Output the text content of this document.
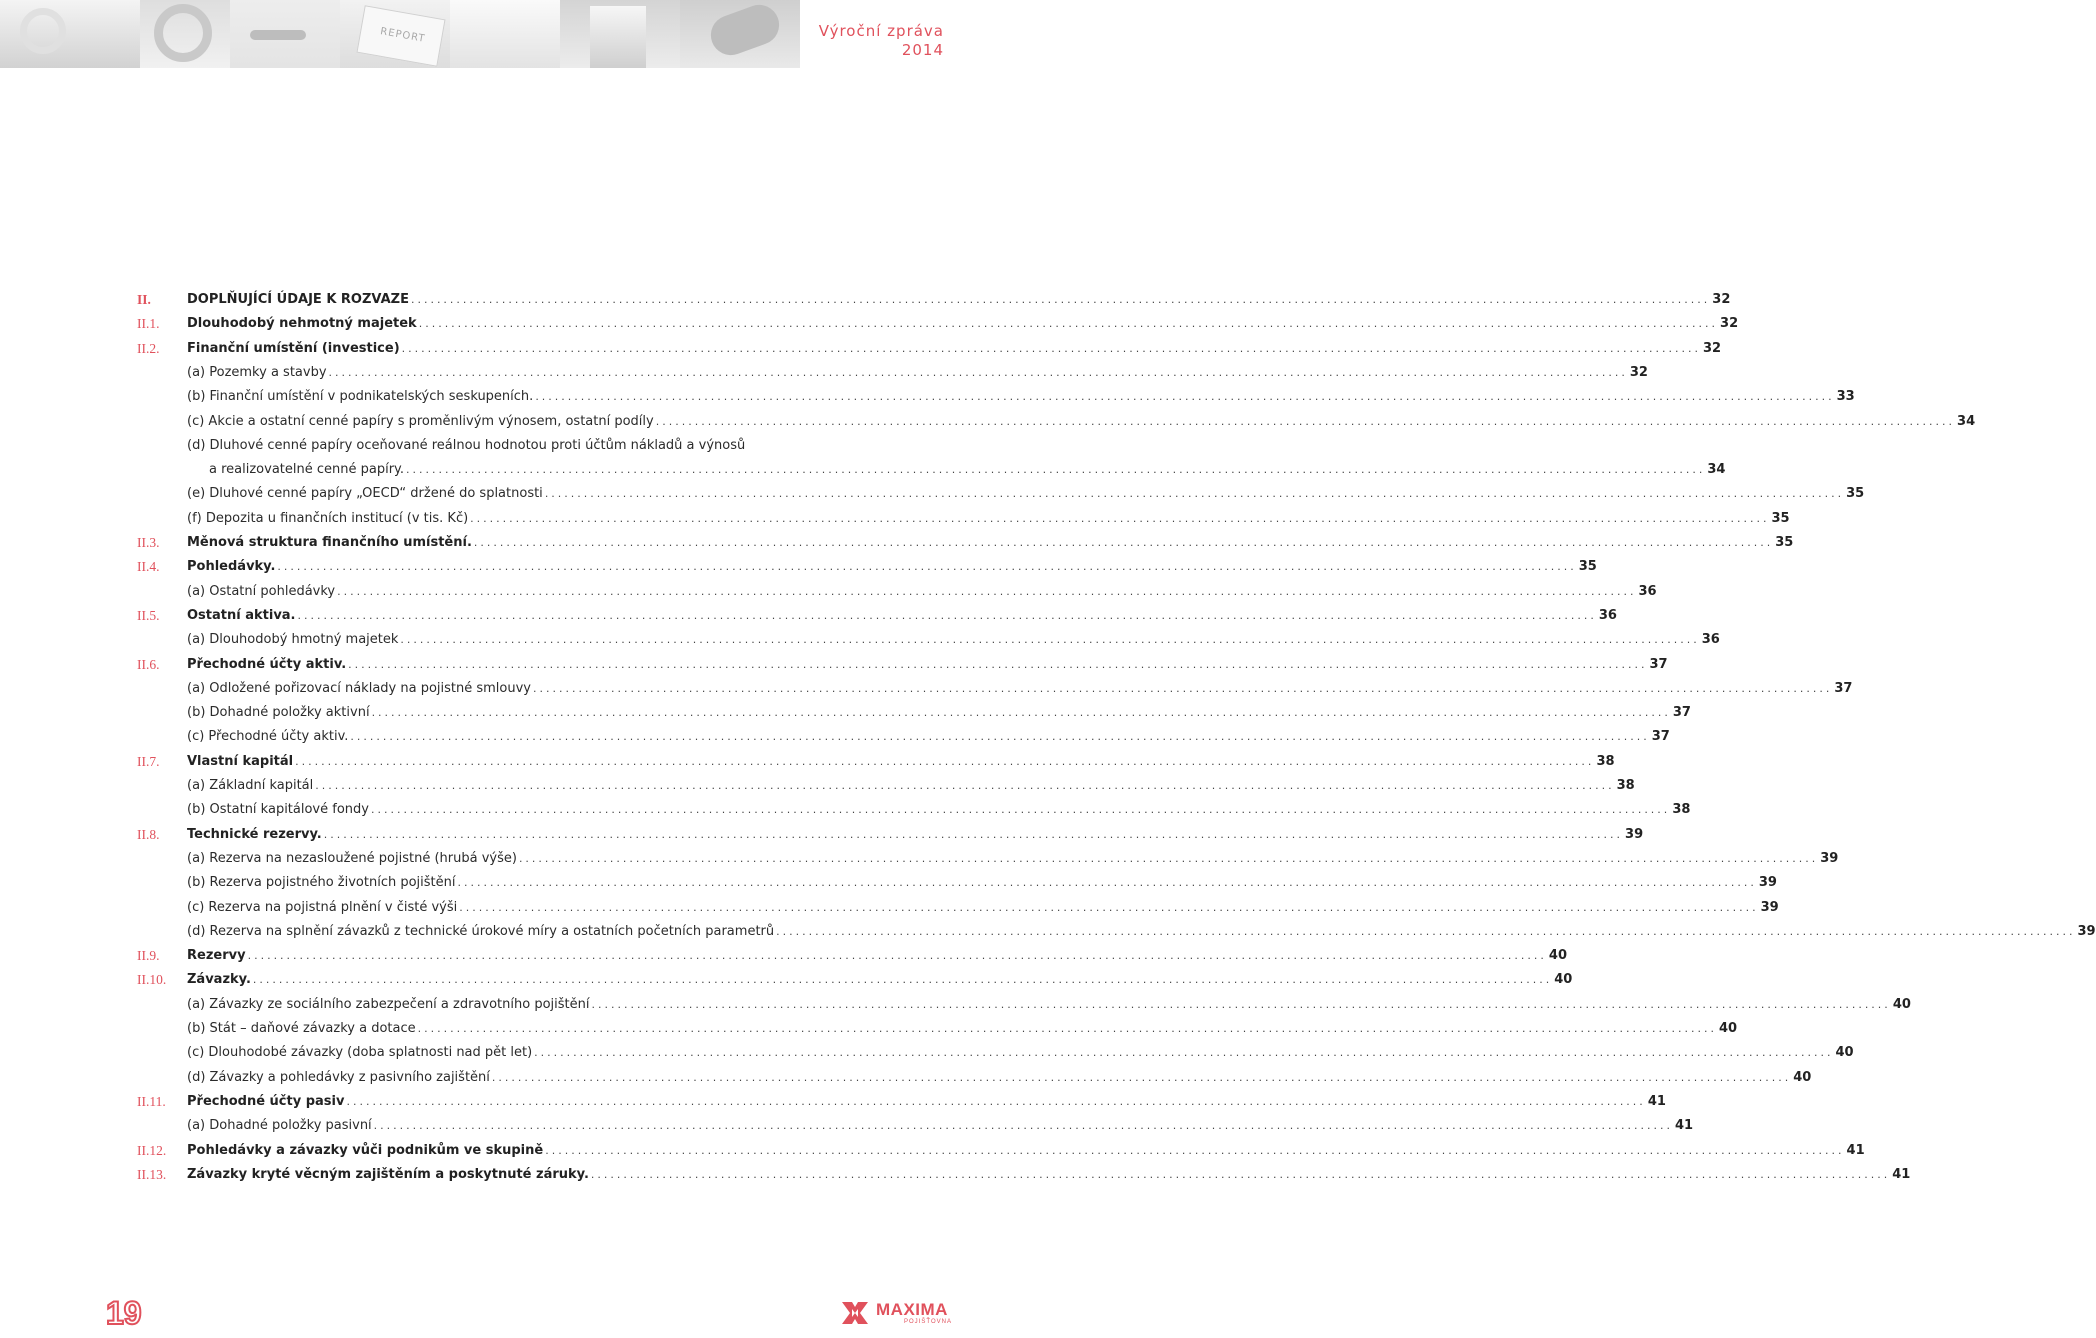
REPORT	Výroční zpráva
2014
II.	DOPLŇUJÍCÍ ÚDAJE K ROZVAZE ........................................................................................................................................................................................................ 32
II.1.	Dlouhodobý nehmotný majetek ........................................................................................................................................................................................................ 32
II.2.	Finanční umístění (investice) ........................................................................................................................................................................................................ 32
(a) Pozemky a stavby ........................................................................................................................................................................................................ 32
(b) Finanční umístění v podnikatelských seskupeních. ........................................................................................................................................................................................................ 33
(c) Akcie a ostatní cenné papíry s proměnlivým výnosem, ostatní podíly ........................................................................................................................................................................................................ 34
(d) Dluhové cenné papíry oceňované reálnou hodnotou proti účtům nákladů a výnosů
a realizovatelné cenné papíry. ........................................................................................................................................................................................................ 34
(e) Dluhové cenné papíry „OECD“ držené do splatnosti ........................................................................................................................................................................................................ 35
(f) Depozita u finančních institucí (v tis. Kč) ........................................................................................................................................................................................................ 35
II.3.	Měnová struktura finančního umístění. ........................................................................................................................................................................................................ 35
II.4.	Pohledávky. ........................................................................................................................................................................................................ 35
(a) Ostatní pohledávky ........................................................................................................................................................................................................ 36
II.5.	Ostatní aktiva. ........................................................................................................................................................................................................ 36
(a) Dlouhodobý hmotný majetek ........................................................................................................................................................................................................ 36
II.6.	Přechodné účty aktiv. ........................................................................................................................................................................................................ 37
(a) Odložené pořizovací náklady na pojistné smlouvy ........................................................................................................................................................................................................ 37
(b) Dohadné položky aktivní ........................................................................................................................................................................................................ 37
(c) Přechodné účty aktiv. ........................................................................................................................................................................................................ 37
II.7.	Vlastní kapitál ........................................................................................................................................................................................................ 38
(a) Základní kapitál ........................................................................................................................................................................................................ 38
(b) Ostatní kapitálové fondy ........................................................................................................................................................................................................ 38
II.8.	Technické rezervy. ........................................................................................................................................................................................................ 39
(a) Rezerva na nezasloužené pojistné (hrubá výše) ........................................................................................................................................................................................................ 39
(b) Rezerva pojistného životních pojištění ........................................................................................................................................................................................................ 39
(c) Rezerva na pojistná plnění v čisté výši ........................................................................................................................................................................................................ 39
(d) Rezerva na splnění závazků z technické úrokové míry a ostatních početních parametrů ........................................................................................................................................................................................................ 39
II.9.	Rezervy ........................................................................................................................................................................................................ 40
II.10.	Závazky. ........................................................................................................................................................................................................ 40
(a) Závazky ze sociálního zabezpečení a zdravotního pojištění ........................................................................................................................................................................................................ 40
(b) Stát – daňové závazky a dotace ........................................................................................................................................................................................................ 40
(c) Dlouhodobé závazky (doba splatnosti nad pět let) ........................................................................................................................................................................................................ 40
(d) Závazky a pohledávky z pasivního zajištění ........................................................................................................................................................................................................ 40
II.11.	Přechodné účty pasiv ........................................................................................................................................................................................................ 41
(a) Dohadné položky pasivní ........................................................................................................................................................................................................ 41
II.12.	Pohledávky a závazky vůči podnikům ve skupině ........................................................................................................................................................................................................ 41
II.13.	Závazky kryté věcným zajištěním a poskytnuté záruky. ........................................................................................................................................................................................................ 41
19	MAXIMA
POJIŠŤOVNA
